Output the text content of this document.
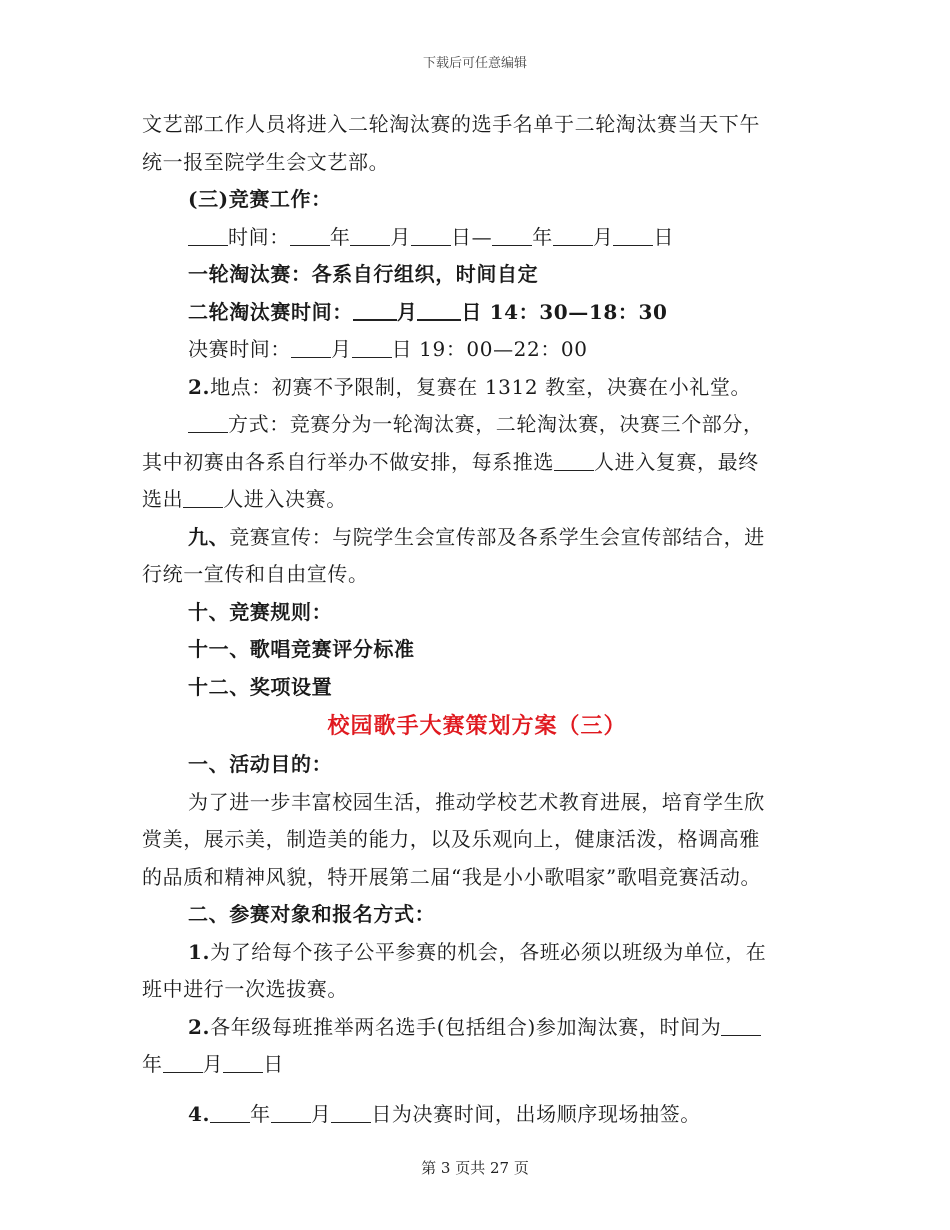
下载后可任意编辑
文艺部工作人员将进入二轮淘汰赛的选手名单于二轮淘汰赛当天下午
统一报至院学生会文艺部。
(三)竞赛工作：
时间： 年 月 日— 年 月 日
一轮淘汰赛：各系自行组织，时间自定
二轮淘汰赛时间： 月 日 14：30—18：30
决赛时间： 月 日 19：00—22：00
2.地点：初赛不予限制，复赛在 1312 教室，决赛在小礼堂。
方式：竞赛分为一轮淘汰赛，二轮淘汰赛，决赛三个部分，
其中初赛由各系自行举办不做安排，每系推选 人进入复赛，最终
选出 人进入决赛。
九、竞赛宣传：与院学生会宣传部及各系学生会宣传部结合，进
行统一宣传和自由宣传。
十、竞赛规则：
十一、歌唱竞赛评分标准
十二、奖项设置
校园歌手大赛策划方案（三）
一、活动目的：
为了进一步丰富校园生活，推动学校艺术教育进展，培育学生欣
赏美，展示美，制造美的能力，以及乐观向上，健康活泼，格调高雅
的品质和精神风貌，特开展第二届“我是小小歌唱家”歌唱竞赛活动。
二、参赛对象和报名方式：
1.为了给每个孩子公平参赛的机会，各班必须以班级为单位，在
班中进行一次选拔赛。
2.各年级每班推举两名选手(包括组合)参加淘汰赛，时间为
年 月 日
4. 年 月 日为决赛时间，出场顺序现场抽签。
第 3 页共 27 页
